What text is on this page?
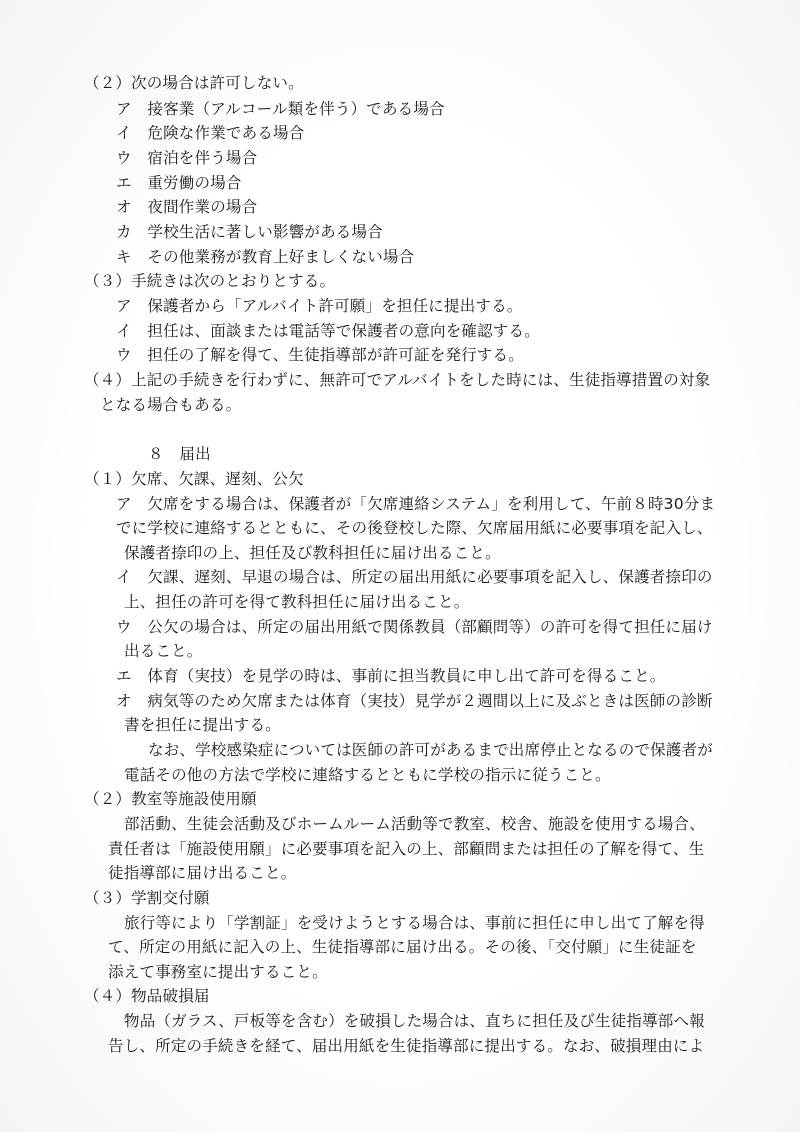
（２）次の場合は許可しない。
ア　接客業（アルコール類を伴う）である場合
イ　危険な作業である場合
ウ　宿泊を伴う場合
エ　重労働の場合
オ　夜間作業の場合
カ　学校生活に著しい影響がある場合
キ　その他業務が教育上好ましくない場合
（３）手続きは次のとおりとする。
ア　保護者から「アルバイト許可願」を担任に提出する。
イ　担任は、面談または電話等で保護者の意向を確認する。
ウ　担任の了解を得て、生徒指導部が許可証を発行する。
（４）上記の手続きを行わずに、無許可でアルバイトをした時には、生徒指導措置の対象
となる場合もある。
８　届出
（１）欠席、欠課、遅刻、公欠
ア　欠席をする場合は、保護者が「欠席連絡システム」を利用して、午前８時30分ま
でに学校に連絡するとともに、その後登校した際、欠席届用紙に必要事項を記入し、
保護者捺印の上、担任及び教科担任に届け出ること。
イ　欠課、遅刻、早退の場合は、所定の届出用紙に必要事項を記入し、保護者捺印の
上、担任の許可を得て教科担任に届け出ること。
ウ　公欠の場合は、所定の届出用紙で関係教員（部顧問等）の許可を得て担任に届け
出ること。
エ　体育（実技）を見学の時は、事前に担当教員に申し出て許可を得ること。
オ　病気等のため欠席または体育（実技）見学が２週間以上に及ぶときは医師の診断
書を担任に提出する。
なお、学校感染症については医師の許可があるまで出席停止となるので保護者が
電話その他の方法で学校に連絡するとともに学校の指示に従うこと。
（２）教室等施設使用願
部活動、生徒会活動及びホームルーム活動等で教室、校舎、施設を使用する場合、
責任者は「施設使用願」に必要事項を記入の上、部顧問または担任の了解を得て、生
徒指導部に届け出ること。
（３）学割交付願
旅行等により「学割証」を受けようとする場合は、事前に担任に申し出て了解を得
て、所定の用紙に記入の上、生徒指導部に届け出る。その後、「交付願」に生徒証を
添えて事務室に提出すること。
（４）物品破損届
物品（ガラス、戸板等を含む）を破損した場合は、直ちに担任及び生徒指導部へ報
告し、所定の手続きを経て、届出用紙を生徒指導部に提出する。なお、破損理由によ
